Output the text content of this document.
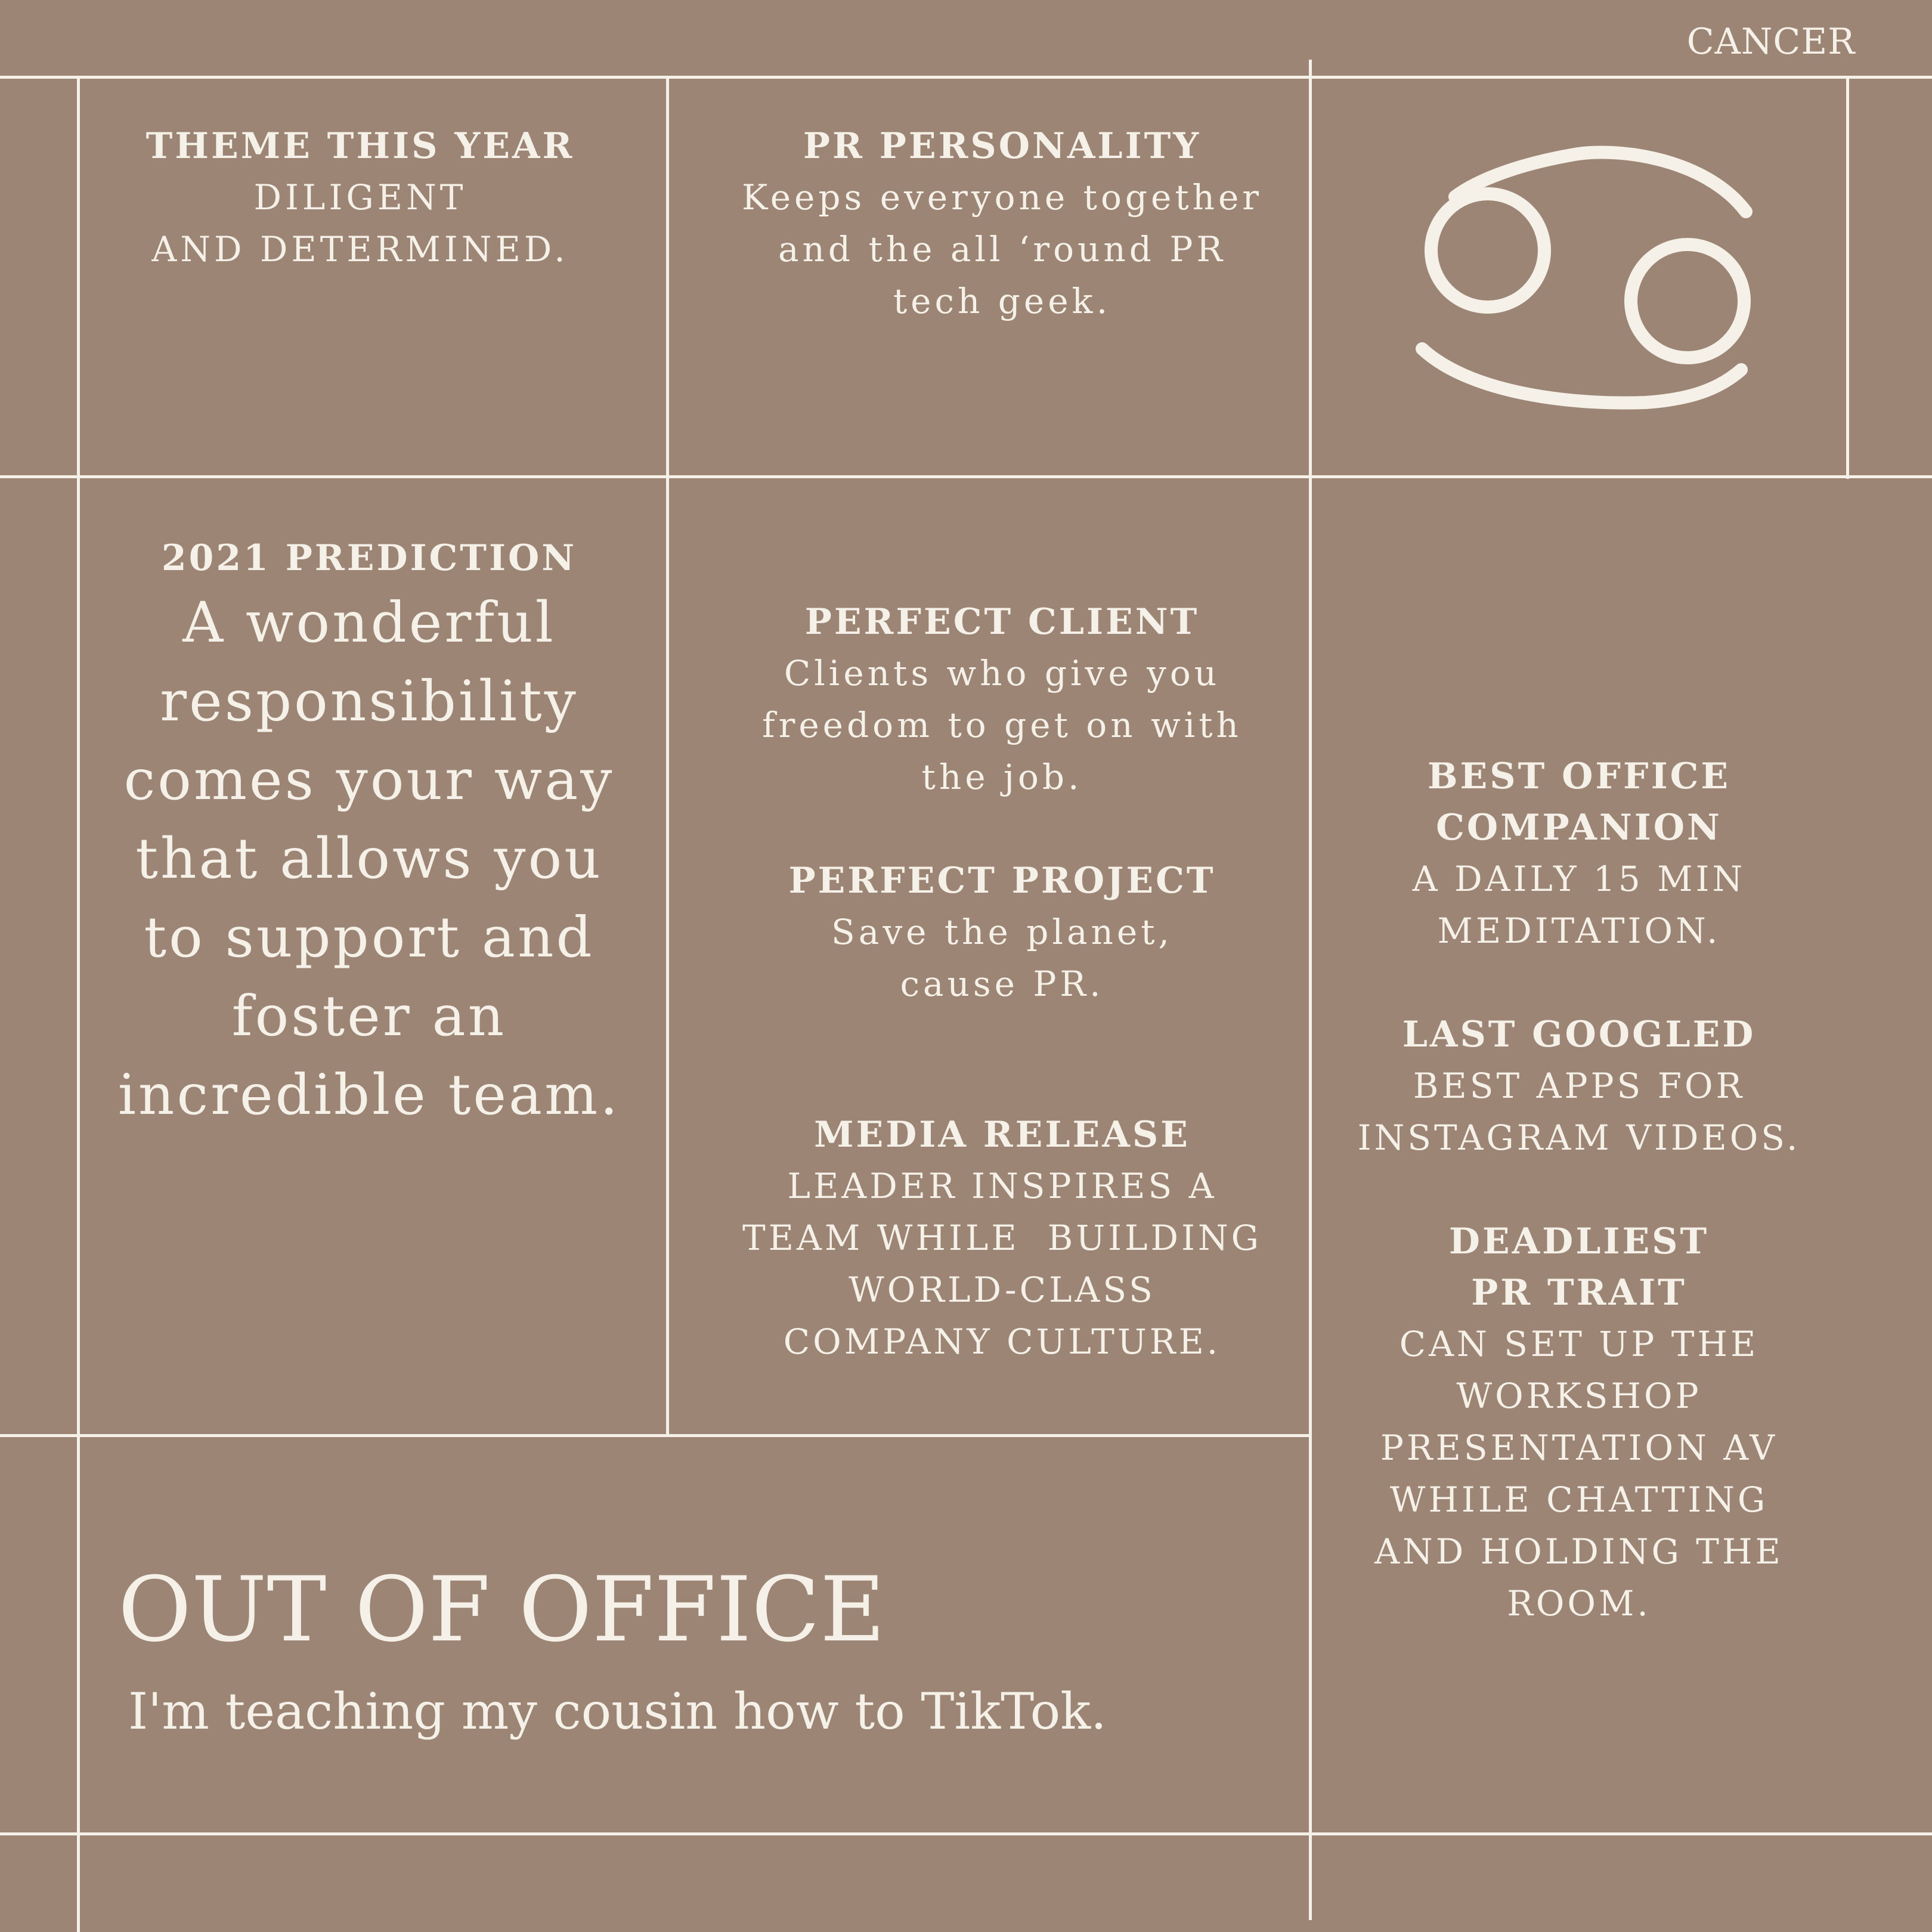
CANCER
THEME THIS YEAR
DILIGENT
AND DETERMINED.
PR PERSONALITY
Keeps everyone together
and the all ‘round PR
tech geek.
2021 PREDICTION
A wonderful
responsibility
comes your way
that allows you
to support and
foster an
incredible team.
PERFECT CLIENT
Clients who give you
freedom to get on with
the job.
PERFECT PROJECT
Save the planet,
cause PR.
MEDIA RELEASE
LEADER INSPIRES A
TEAM WHILE  BUILDING
WORLD-CLASS
COMPANY CULTURE.
BEST OFFICE
COMPANION
A DAILY 15 MIN
MEDITATION.
LAST GOOGLED
BEST APPS FOR
INSTAGRAM VIDEOS.
DEADLIEST
PR TRAIT
CAN SET UP THE
WORKSHOP
PRESENTATION AV
WHILE CHATTING
AND HOLDING THE
ROOM.
OUT OF OFFICE
I'm teaching my cousin how to TikTok.
